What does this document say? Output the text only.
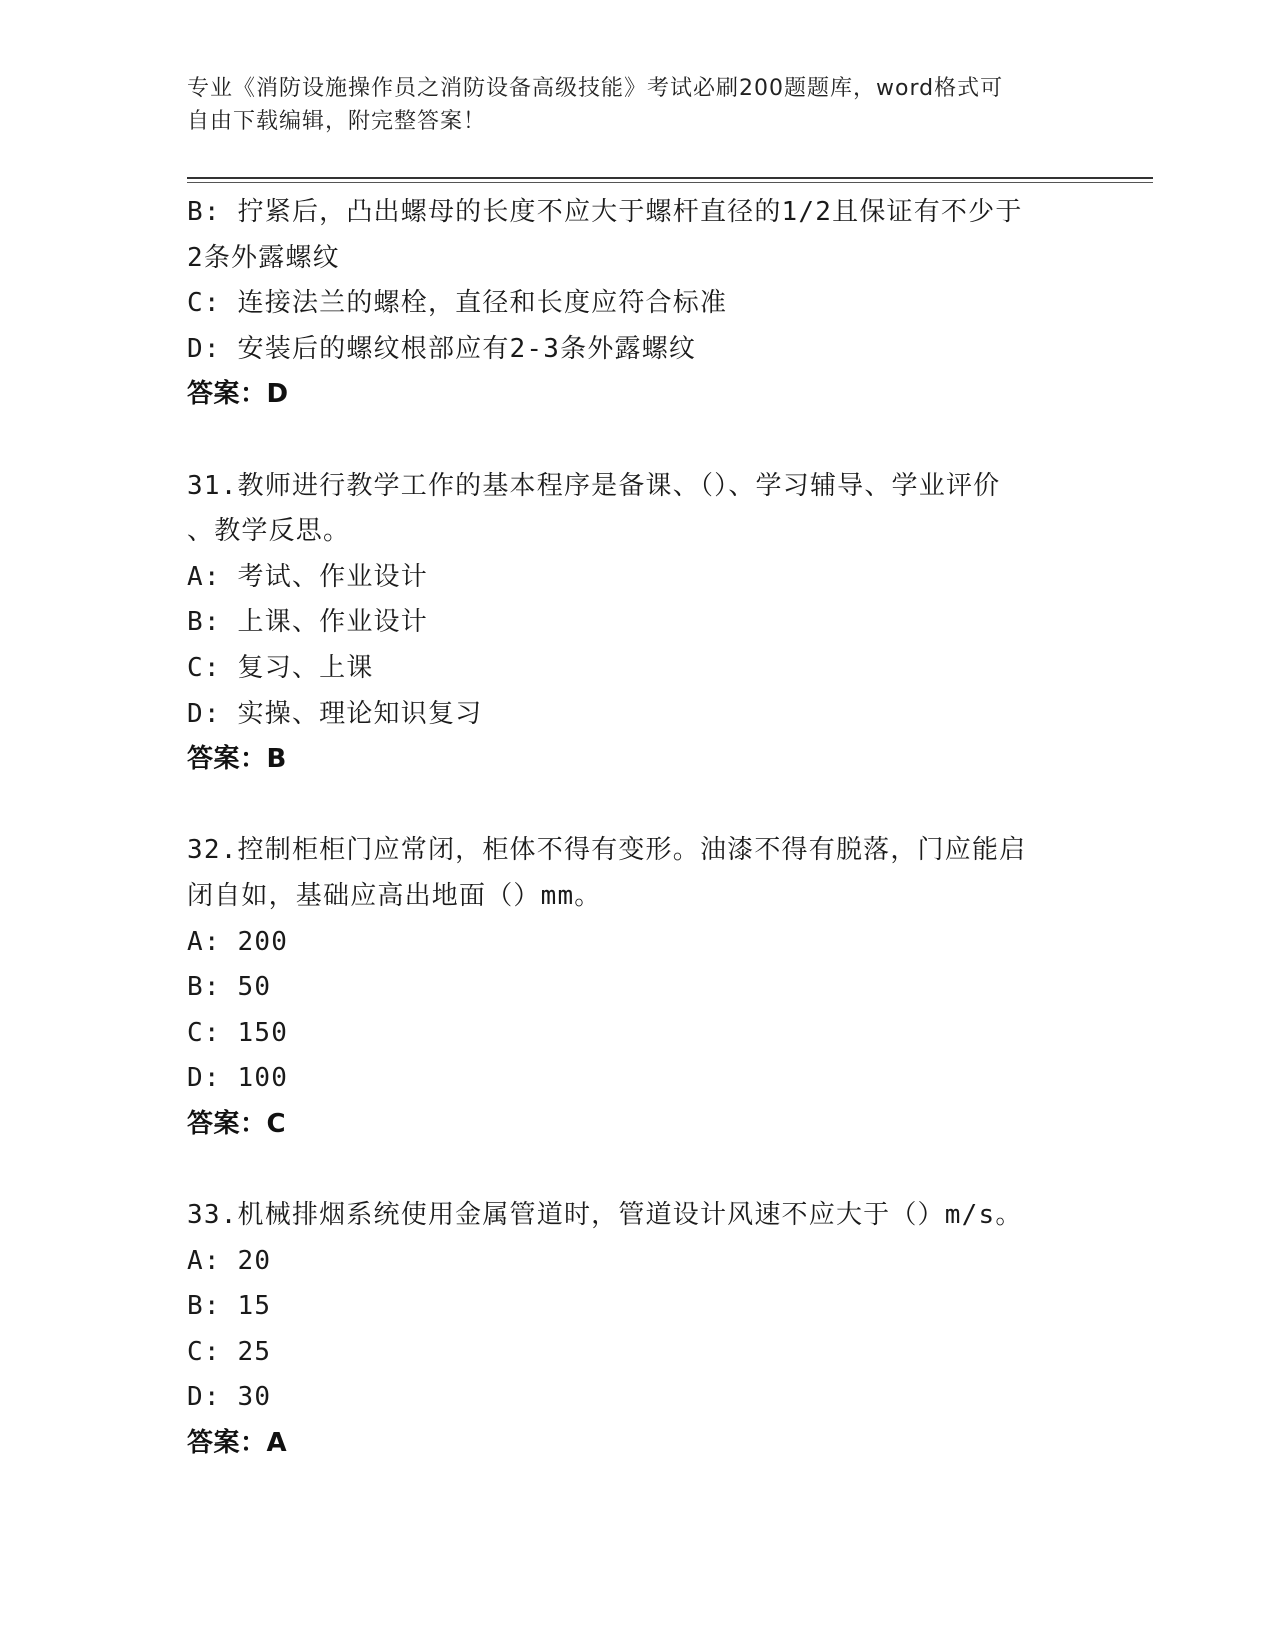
专业《消防设施操作员之消防设备高级技能》考试必刷200题题库，word格式可
自由下载编辑，附完整答案！
B: 拧紧后，凸出螺母的长度不应大于螺杆直径的1/2且保证有不少于
2条外露螺纹
C: 连接法兰的螺栓，直径和长度应符合标准
D: 安装后的螺纹根部应有2-3条外露螺纹
答案：D
31.教师进行教学工作的基本程序是备课、（）、学习辅导、学业评价
、教学反思。
A: 考试、作业设计
B: 上课、作业设计
C: 复习、上课
D: 实操、理论知识复习
答案：B
32.控制柜柜门应常闭，柜体不得有变形。油漆不得有脱落，门应能启
闭自如，基础应高出地面（）mm。
A: 200
B: 50
C: 150
D: 100
答案：C
33.机械排烟系统使用金属管道时，管道设计风速不应大于（）m/s。
A: 20
B: 15
C: 25
D: 30
答案：A
